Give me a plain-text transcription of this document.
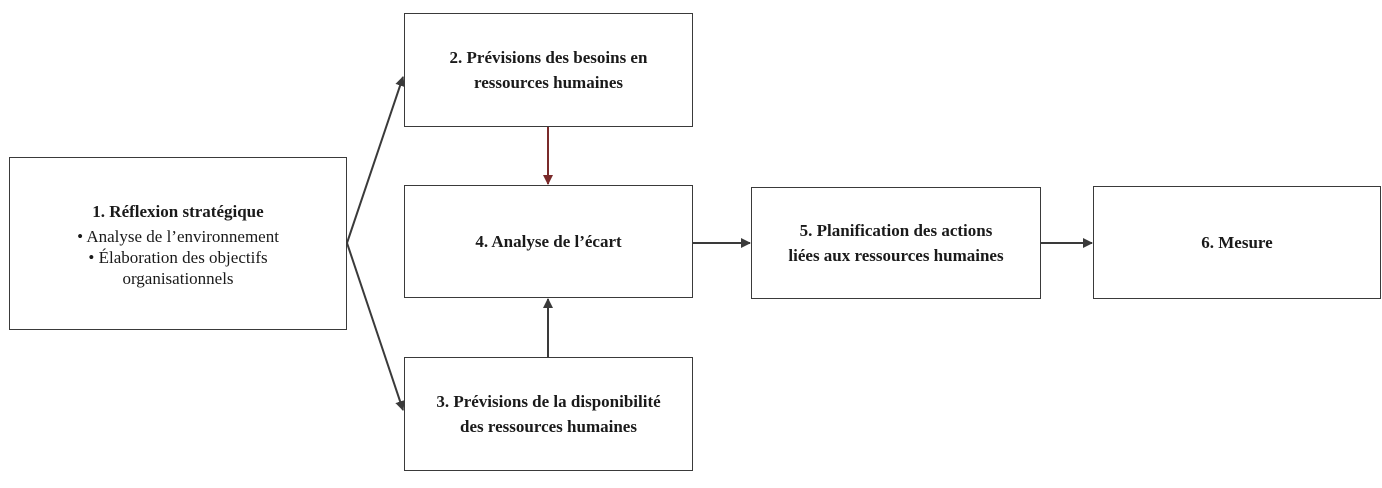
1. Réflexion stratégique
• Analyse de l’environnement
• Élaboration des objectifs
organisationnels
2. Prévisions des besoins en
ressources humaines
4. Analyse de l’écart
3. Prévisions de la disponibilité
des ressources humaines
5. Planification des actions
liées aux ressources humaines
6. Mesure
